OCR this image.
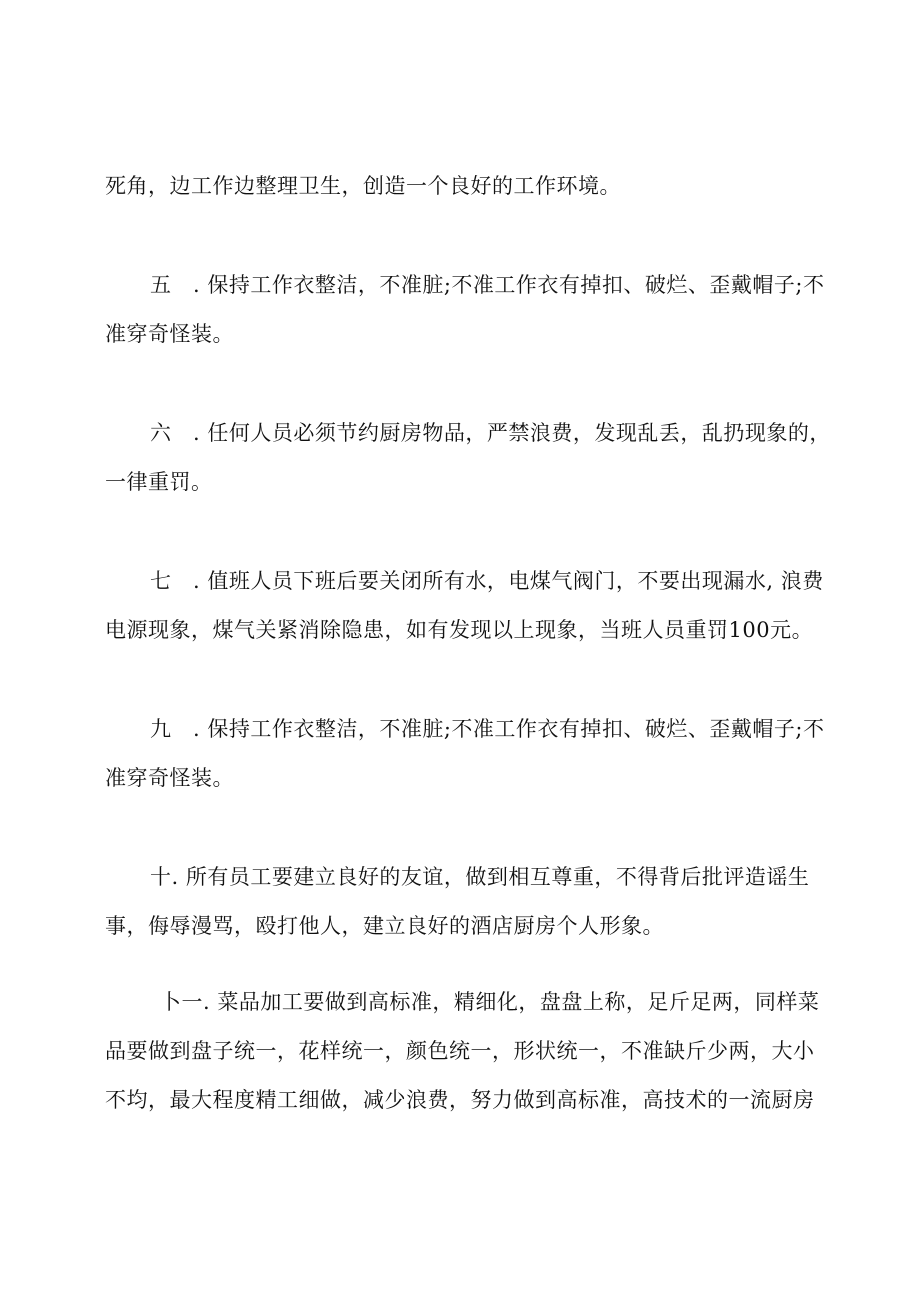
死角，边工作边整理卫生，创造一个良好的工作环境。

五　. 保持工作衣整洁，不准脏;不准工作衣有掉扣、破烂、歪戴帽子;不
准穿奇怪装。

六　. 任何人员必须节约厨房物品，严禁浪费，发现乱丢，乱扔现象的，
一律重罚。

七　. 值班人员下班后要关闭所有水，电煤气阀门，不要出现漏水, 浪费
电源现象，煤气关紧消除隐患，如有发现以上现象，当班人员重罚100元。

九　. 保持工作衣整洁，不准脏;不准工作衣有掉扣、破烂、歪戴帽子;不
准穿奇怪装。

十. 所有员工要建立良好的友谊，做到相互尊重，不得背后批评造谣生
事，侮辱漫骂，殴打他人，建立良好的酒店厨房个人形象。

卜一. 菜品加工要做到高标准，精细化，盘盘上称，足斤足两，同样菜
品要做到盘子统一，花样统一，颜色统一，形状统一，不准缺斤少两，大小
不均，最大程度精工细做，减少浪费，努力做到高标准，高技术的一流厨房
